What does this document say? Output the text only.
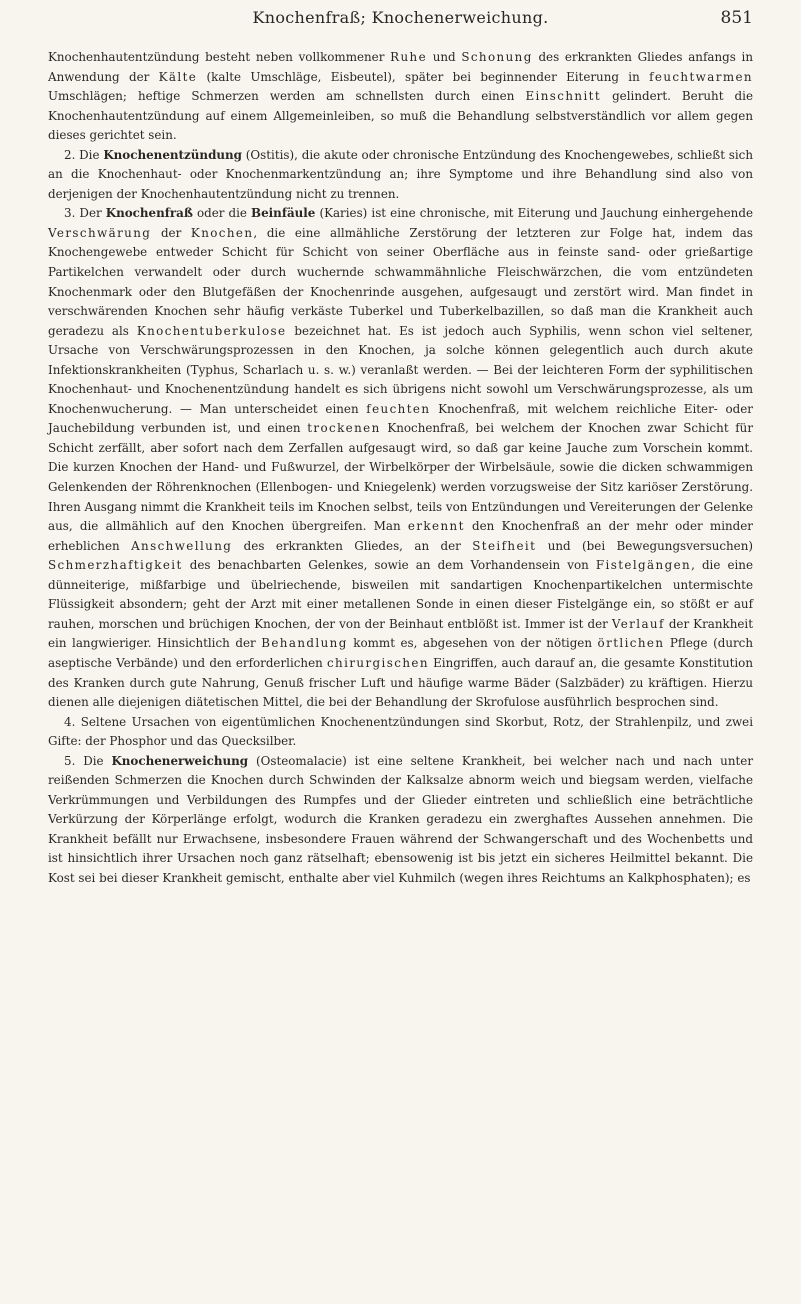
Knochenfraß; Knochenerweichung.	851

Knochenhautentzündung besteht neben vollkommener Ruhe und Schonung des erkrankten Gliedes anfangs in Anwendung der Kälte (kalte Umschläge, Eisbeutel), später bei beginnender Eiterung in feuchtwarmen Umschlägen; heftige Schmerzen werden am schnellsten durch einen Einschnitt gelindert. Beruht die Knochenhautentzündung auf einem Allgemeinleiben, so muß die Behandlung selbstverständlich vor allem gegen dieses gerichtet sein.

2. Die Knochenentzündung (Ostitis), die akute oder chronische Entzündung des Knochengewebes, schließt sich an die Knochenhaut- oder Knochenmarkentzündung an; ihre Symptome und ihre Behandlung sind also von derjenigen der Knochenhautentzündung nicht zu trennen.

3. Der Knochenfraß oder die Beinfäule (Karies) ist eine chronische, mit Eiterung und Jauchung einhergehende Verschwärung der Knochen, die eine allmähliche Zerstörung der letzteren zur Folge hat, indem das Knochengewebe entweder Schicht für Schicht von seiner Oberfläche aus in feinste sand- oder grießartige Partikelchen verwandelt oder durch wuchernde schwammähnliche Fleischwärzchen, die vom entzündeten Knochenmark oder den Blutgefäßen der Knochenrinde ausgehen, aufgesaugt und zerstört wird. Man findet in verschwärenden Knochen sehr häufig verkäste Tuberkel und Tuberkelbazillen, so daß man die Krankheit auch geradezu als Knochentuberkulose bezeichnet hat. Es ist jedoch auch Syphilis, wenn schon viel seltener, Ursache von Verschwärungsprozessen in den Knochen, ja solche können gelegentlich auch durch akute Infektionskrankheiten (Typhus, Scharlach u. s. w.) veranlaßt werden. — Bei der leichteren Form der syphilitischen Knochenhaut- und Knochenentzündung handelt es sich übrigens nicht sowohl um Verschwärungsprozesse, als um Knochenwucherung. — Man unterscheidet einen feuchten Knochenfraß, mit welchem reichliche Eiter- oder Jauchebildung verbunden ist, und einen trockenen Knochenfraß, bei welchem der Knochen zwar Schicht für Schicht zerfällt, aber sofort nach dem Zerfallen aufgesaugt wird, so daß gar keine Jauche zum Vorschein kommt. Die kurzen Knochen der Hand- und Fußwurzel, der Wirbelkörper der Wirbelsäule, sowie die dicken schwammigen Gelenkenden der Röhrenknochen (Ellenbogen- und Kniegelenk) werden vorzugsweise der Sitz kariöser Zerstörung. Ihren Ausgang nimmt die Krankheit teils im Knochen selbst, teils von Entzündungen und Vereiterungen der Gelenke aus, die allmählich auf den Knochen übergreifen. Man erkennt den Knochenfraß an der mehr oder minder erheblichen Anschwellung des erkrankten Gliedes, an der Steifheit und (bei Bewegungsversuchen) Schmerzhaftigkeit des benachbarten Gelenkes, sowie an dem Vorhandensein von Fistelgängen, die eine dünneiterige, mißfarbige und übelriechende, bisweilen mit sandartigen Knochenpartikelchen untermischte Flüssigkeit absondern; geht der Arzt mit einer metallenen Sonde in einen dieser Fistelgänge ein, so stößt er auf rauhen, morschen und brüchigen Knochen, der von der Beinhaut entblößt ist. Immer ist der Verlauf der Krankheit ein langwieriger. Hinsichtlich der Behandlung kommt es, abgesehen von der nötigen örtlichen Pflege (durch aseptische Verbände) und den erforderlichen chirurgischen Eingriffen, auch darauf an, die gesamte Konstitution des Kranken durch gute Nahrung, Genuß frischer Luft und häufige warme Bäder (Salzbäder) zu kräftigen. Hierzu dienen alle diejenigen diätetischen Mittel, die bei der Behandlung der Skrofulose ausführlich besprochen sind.

4. Seltene Ursachen von eigentümlichen Knochenentzündungen sind Skorbut, Rotz, der Strahlenpilz, und zwei Gifte: der Phosphor und das Quecksilber.

5. Die Knochenerweichung (Osteomalacie) ist eine seltene Krankheit, bei welcher nach und nach unter reißenden Schmerzen die Knochen durch Schwinden der Kalksalze abnorm weich und biegsam werden, vielfache Verkrümmungen und Verbildungen des Rumpfes und der Glieder eintreten und schließlich eine beträchtliche Verkürzung der Körperlänge erfolgt, wodurch die Kranken geradezu ein zwerghaftes Aussehen annehmen. Die Krankheit befällt nur Erwachsene, insbesondere Frauen während der Schwangerschaft und des Wochenbetts und ist hinsichtlich ihrer Ursachen noch ganz rätselhaft; ebensowenig ist bis jetzt ein sicheres Heilmittel bekannt. Die Kost sei bei dieser Krankheit gemischt, enthalte aber viel Kuhmilch (wegen ihres Reichtums an Kalkphosphaten); es
